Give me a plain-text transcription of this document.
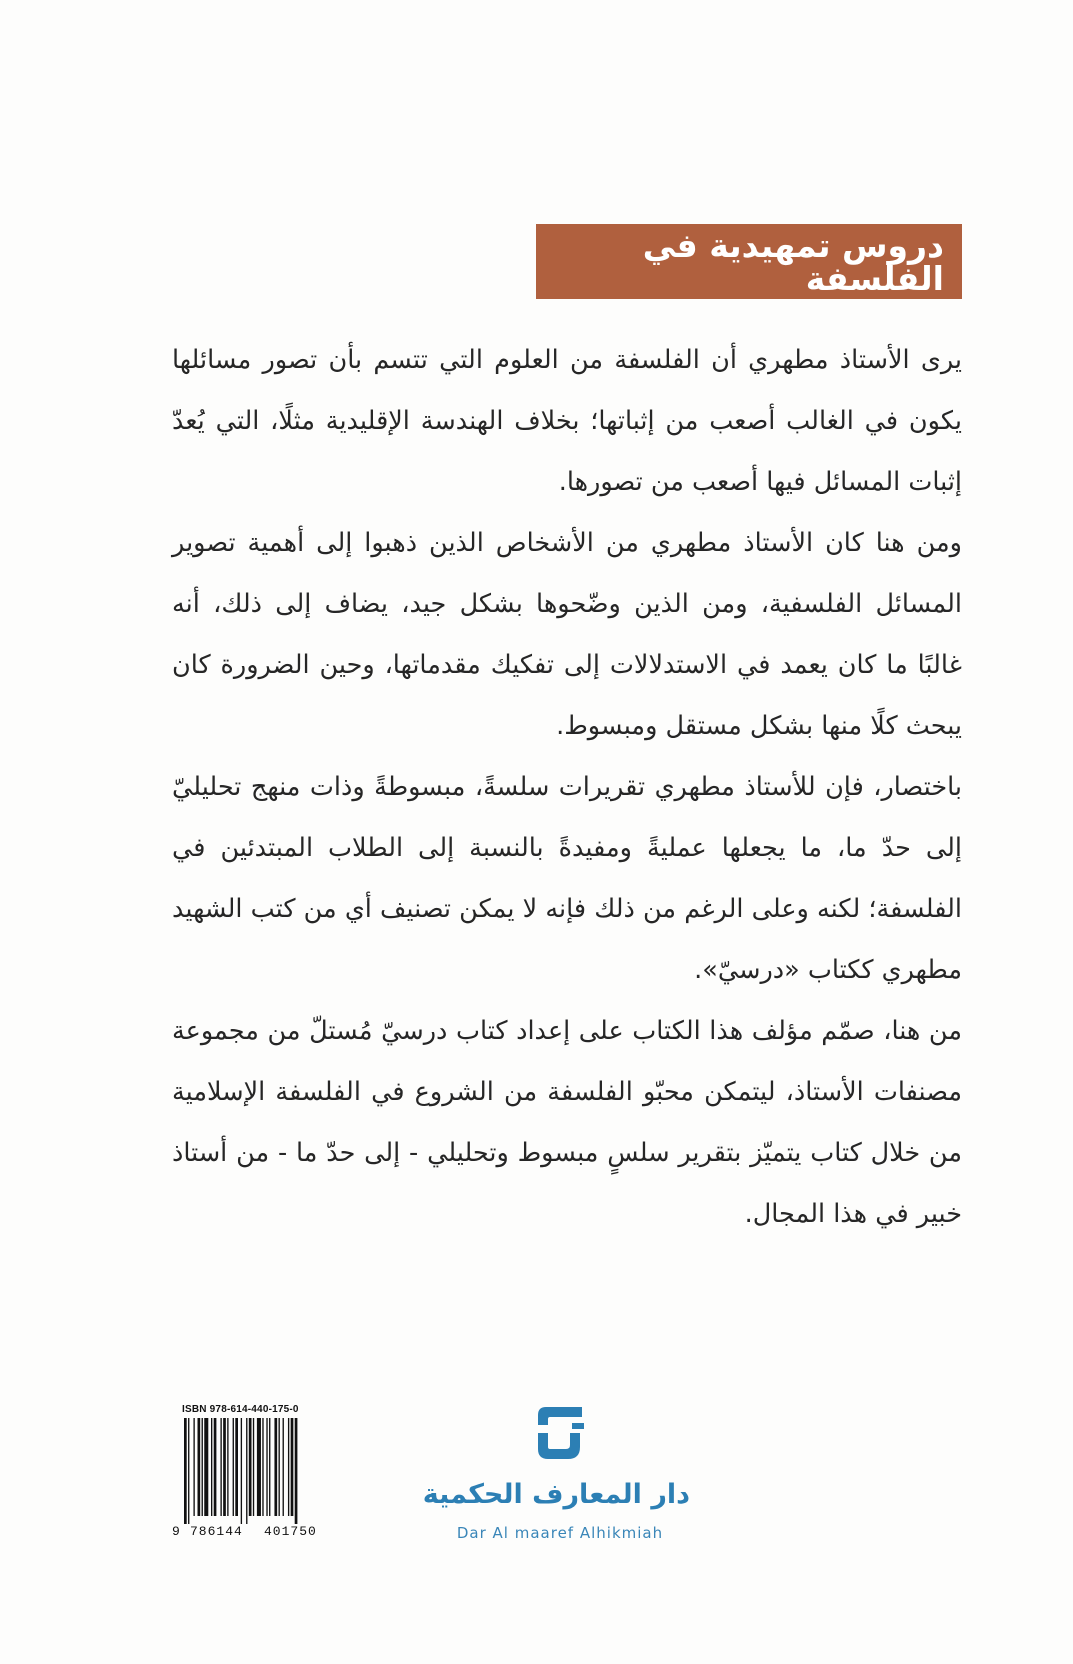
دروس تمهيدية في الفلسفة

يرى الأستاذ مطهري أن الفلسفة من العلوم التي تتسم بأن تصور مسائلها يكون في الغالب أصعب من إثباتها؛ بخلاف الهندسة الإقليدية مثلًا، التي يُعدّ إثبات المسائل فيها أصعب من تصورها.

ومن هنا كان الأستاذ مطهري من الأشخاص الذين ذهبوا إلى أهمية تصوير المسائل الفلسفية، ومن الذين وضّحوها بشكل جيد، يضاف إلى ذلك، أنه غالبًا ما كان يعمد في الاستدلالات إلى تفكيك مقدماتها، وحين الضرورة كان يبحث كلًا منها بشكل مستقل ومبسوط.

باختصار، فإن للأستاذ مطهري تقريرات سلسةً، مبسوطةً وذات منهج تحليليّ إلى حدّ ما، ما يجعلها عمليةً ومفيدةً بالنسبة إلى الطلاب المبتدئين في الفلسفة؛ لكنه وعلى الرغم من ذلك فإنه لا يمكن تصنيف أي من كتب الشهيد مطهري ككتاب «درسيّ».

من هنا، صمّم مؤلف هذا الكتاب على إعداد كتاب درسيّ مُستلّ من مجموعة مصنفات الأستاذ، ليتمكن محبّو الفلسفة من الشروع في الفلسفة الإسلامية من خلال كتاب يتميّز بتقرير سلسٍ مبسوط وتحليلي - إلى حدّ ما - من أستاذ خبير في هذا المجال.

ISBN 978-614-440-175-0
9 786144 401750
دار المعارف الحكمية
Dar Al maaref Alhikmiah
